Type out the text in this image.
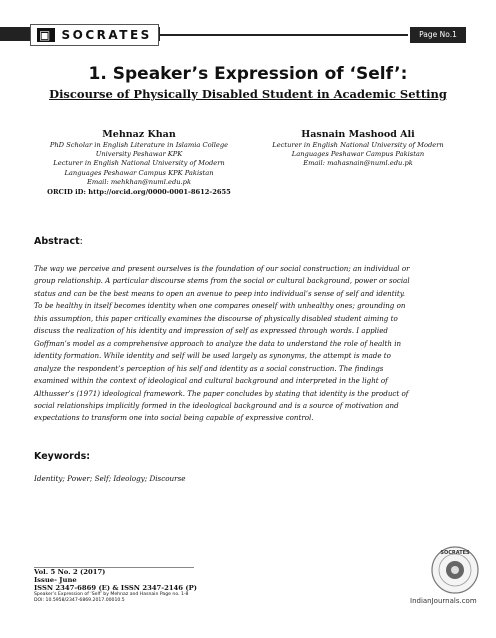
▣ SOCRATES	Page No.1
1. Speaker’s Expression of ‘Self’:
Discourse of Physically Disabled Student in Academic Setting
Mehnaz Khan
PhD Scholar in English Literature in Islamia College
University Peshawar KPK
Lecturer in English National University of Modern
Languages Peshawar Campus KPK Pakistan
Email: mehkhan@numl.edu.pk
ORCID iD: http://orcid.org/0000-0001-8612-2655
Hasnain Mashood Ali
Lecturer in English National University of Modern
Languages Peshawar Campus Pakistan
Email: mahasnain@numl.edu.pk
Abstract:
The way we perceive and present ourselves is the foundation of our social construction; an individual or
group relationship. A particular discourse stems from the social or cultural background, power or social
status and can be the best means to open an avenue to peep into individual’s sense of self and identity.
To be healthy in itself becomes identity when one compares oneself with unhealthy ones; grounding on
this assumption, this paper critically examines the discourse of physically disabled student aiming to
discuss the realization of his identity and impression of self as expressed through words. I applied
Goffman’s model as a comprehensive approach to analyze the data to understand the role of health in
identity formation. While identity and self will be used largely as synonyms, the attempt is made to
analyze the respondent’s perception of his self and identity as a social construction. The findings
examined within the context of ideological and cultural background and interpreted in the light of
Althusser’s (1971) ideological framework. The paper concludes by stating that identity is the product of
social relationships implicitly formed in the ideological background and is a source of motivation and
expectations to transform one into social being capable of expressive control.
Keywords:
Identity; Power; Self; Ideology; Discourse
Vol. 5 No. 2 (2017)
Issue- June
ISSN 2347-6869 (E) & ISSN 2347-2146 (P)
Speaker’s Expression of ‘Self’ by Mehnaz and Hasnain Page no. 1-8
DOI: 10.5958/2347-6869.2017.00010.5
SOCRATES
IndianJournals.com
